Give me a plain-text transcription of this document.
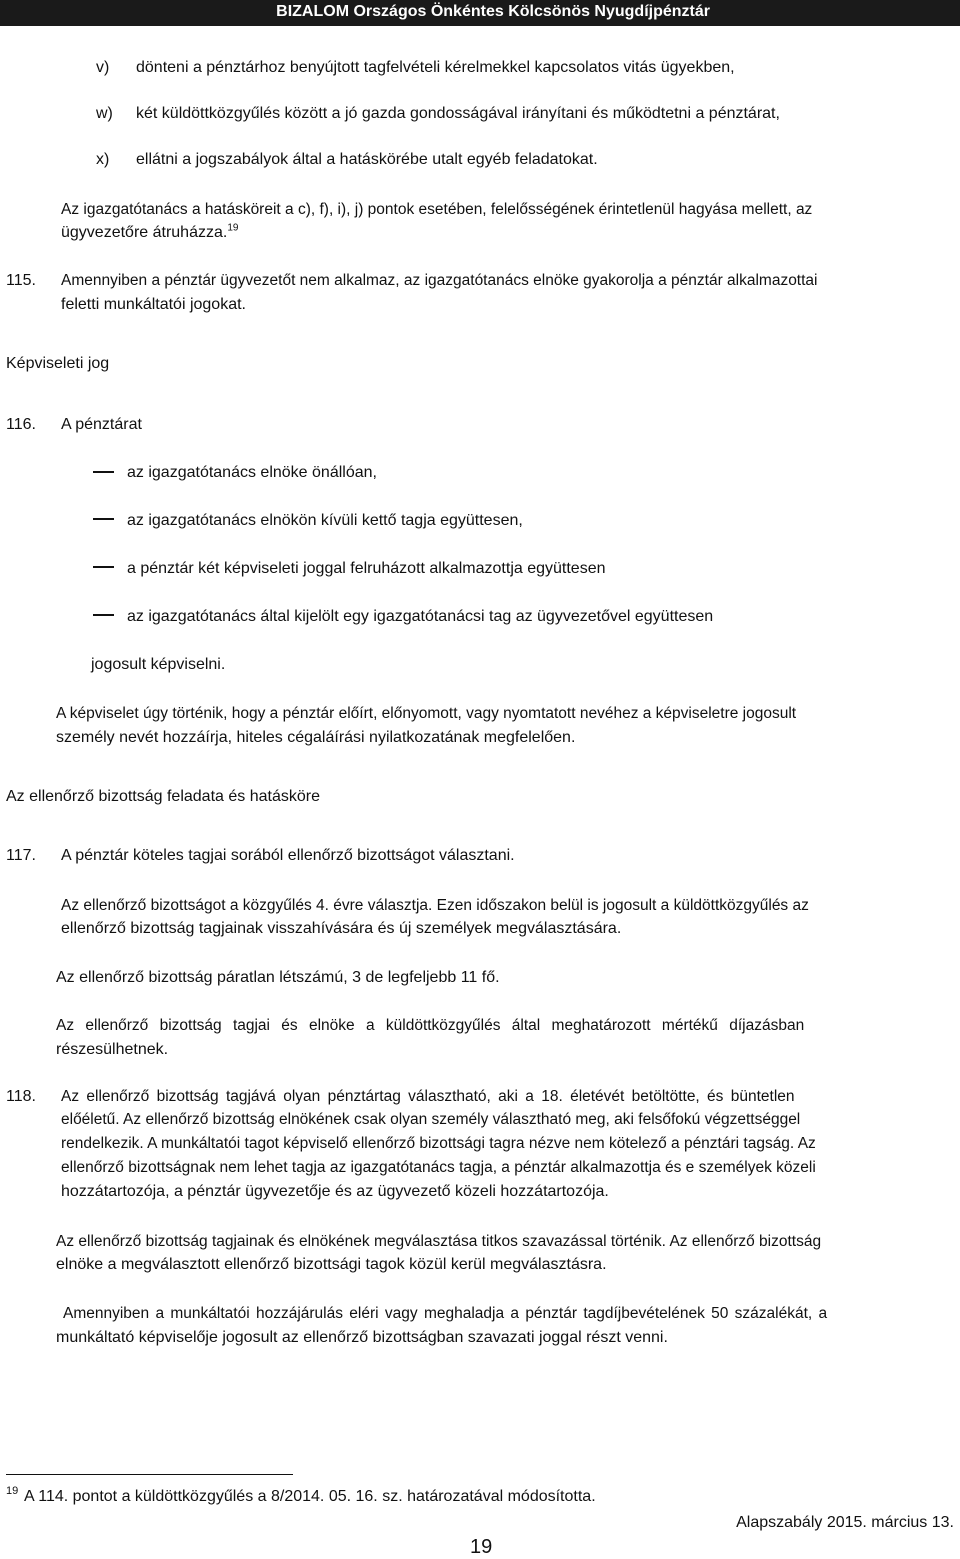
BIZALOM Országos Önkéntes Kölcsönös Nyugdíjpénztár
v) dönteni a pénztárhoz benyújtott tagfelvételi kérelmekkel kapcsolatos vitás ügyekben,
w) két küldöttközgyűlés között a jó gazda gondosságával irányítani és működtetni a pénztárat,
x) ellátni a jogszabályok által a hatáskörébe utalt egyéb feladatokat.
Az igazgatótanács a hatásköreit a c), f), i), j) pontok esetében, felelősségének érintetlenül hagyása mellett, az
ügyvezetőre átruházza.$^{19}$
115. Amennyiben a pénztár ügyvezetőt nem alkalmaz, az igazgatótanács elnöke gyakorolja a pénztár alkalmazottai
feletti munkáltatói jogokat.
Képviseleti jog
116. A pénztárat
az igazgatótanács elnöke önállóan,
az igazgatótanács elnökön kívüli kettő tagja együttesen,
a pénztár két képviseleti joggal felruházott alkalmazottja együttesen
az igazgatótanács által kijelölt egy igazgatótanácsi tag az ügyvezetővel együttesen
jogosult képviselni.
A képviselet úgy történik, hogy a pénztár előírt, előnyomott, vagy nyomtatott nevéhez a képviseletre jogosult
személy nevét hozzáírja, hiteles cégaláírási nyilatkozatának megfelelően.
Az ellenőrző bizottság feladata és hatásköre
117. A pénztár köteles tagjai sorából ellenőrző bizottságot választani.
Az ellenőrző bizottságot a közgyűlés 4. évre választja. Ezen időszakon belül is jogosult a küldöttközgyűlés az
ellenőrző bizottság tagjainak visszahívására és új személyek megválasztására.
Az ellenőrző bizottság páratlan létszámú, 3 de legfeljebb 11 fő.
Az ellenőrző bizottság tagjai és elnöke a küldöttközgyűlés által meghatározott mértékű díjazásban
részesülhetnek.
118. Az ellenőrző bizottság tagjává olyan pénztártag választható, aki a 18. életévét betöltötte, és büntetlen
előéletű. Az ellenőrző bizottság elnökének csak olyan személy választható meg, aki felsőfokú végzettséggel
rendelkezik. A munkáltatói tagot képviselő ellenőrző bizottsági tagra nézve nem kötelező a pénztári tagság. Az
ellenőrző bizottságnak nem lehet tagja az igazgatótanács tagja, a pénztár alkalmazottja és e személyek közeli
hozzátartozója, a pénztár ügyvezetője és az ügyvezető közeli hozzátartozója.
Az ellenőrző bizottság tagjainak és elnökének megválasztása titkos szavazással történik. Az ellenőrző bizottság
elnöke a megválasztott ellenőrző bizottsági tagok közül kerül megválasztásra.
Amennyiben a munkáltatói hozzájárulás eléri vagy meghaladja a pénztár tagdíjbevételének 50 százalékát, a
munkáltató képviselője jogosult az ellenőrző bizottságban szavazati joggal részt venni.
19 A 114. pontot a küldöttközgyűlés a 8/2014. 05. 16. sz. határozatával módosította.
Alapszabály 2015. március 13.
19
